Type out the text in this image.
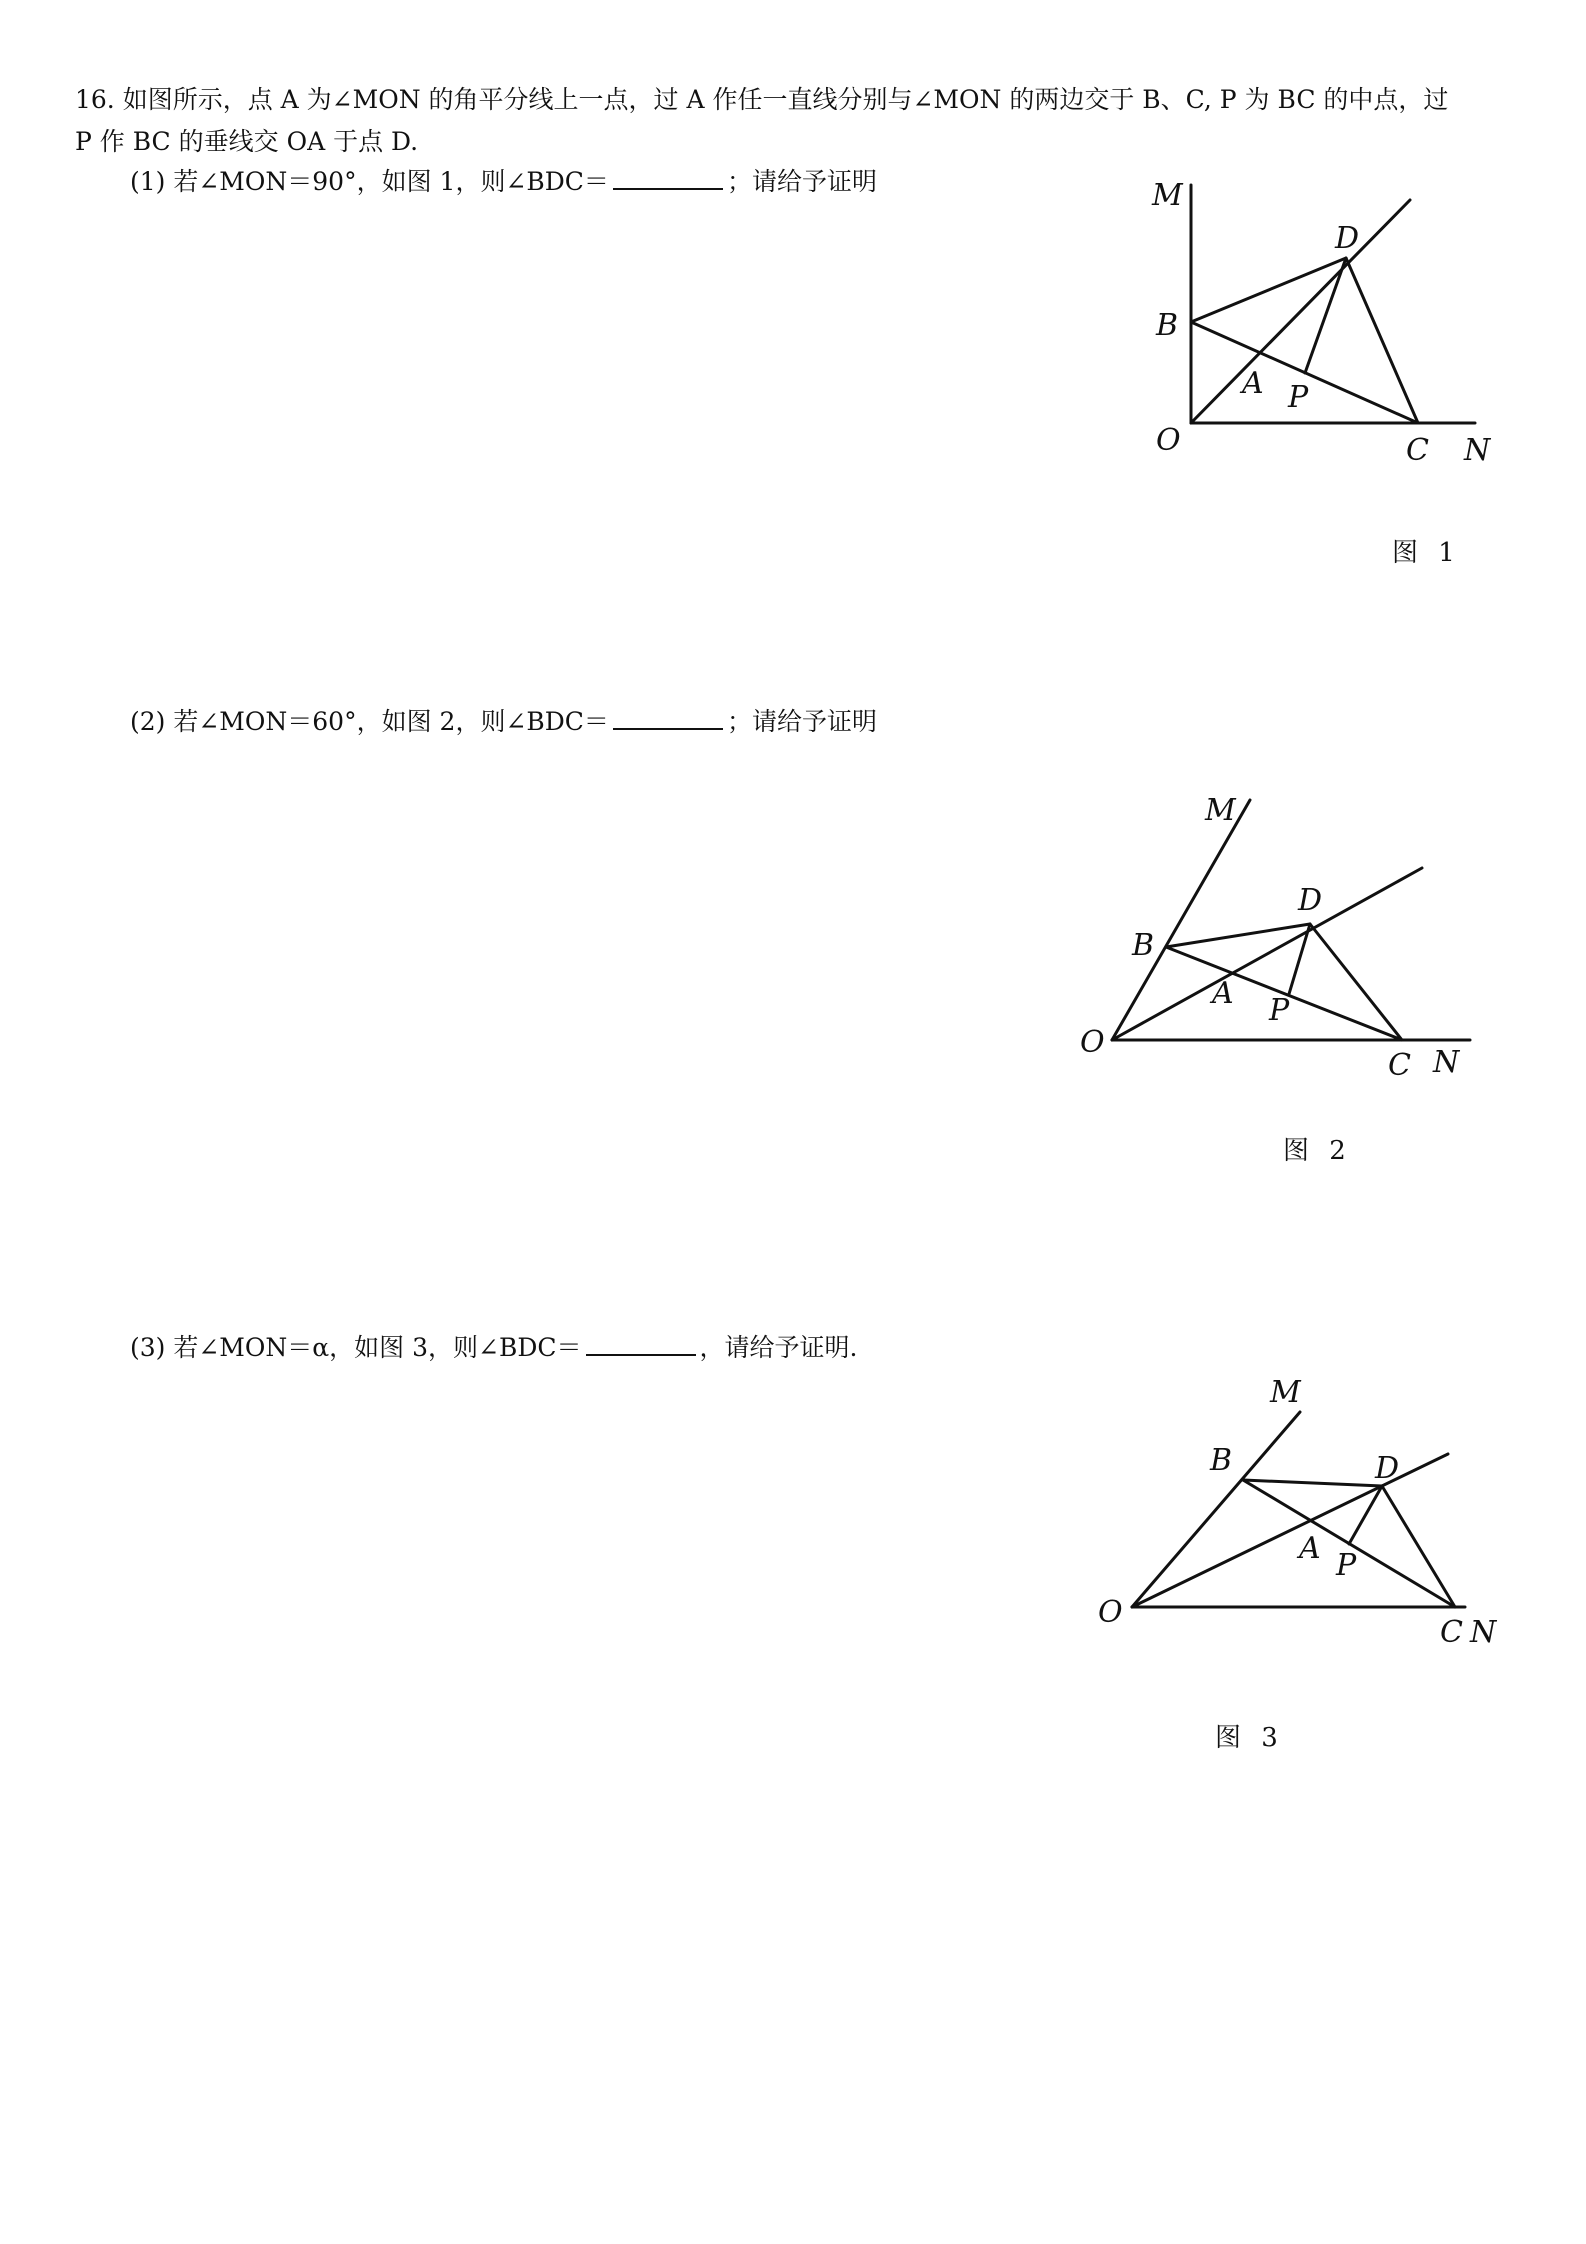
16. 如图所示，点 A 为∠MON 的角平分线上一点，过 A 作任一直线分别与∠MON 的两边交于 B、C, P 为 BC 的中点，过
P 作 BC 的垂线交 OA 于点 D.
(1) 若∠MON＝90°，如图 1，则∠BDC＝	；请给予证明	M
D
B
A P
O	C N
图 1
(2) 若∠MON＝60°，如图 2，则∠BDC＝	；请给予证明
M
D
B
A P
O
C N
图 2
(3) 若∠MON＝α，如图 3，则∠BDC＝	，请给予证明.
M
D
B
A P
O
C N
图 3
